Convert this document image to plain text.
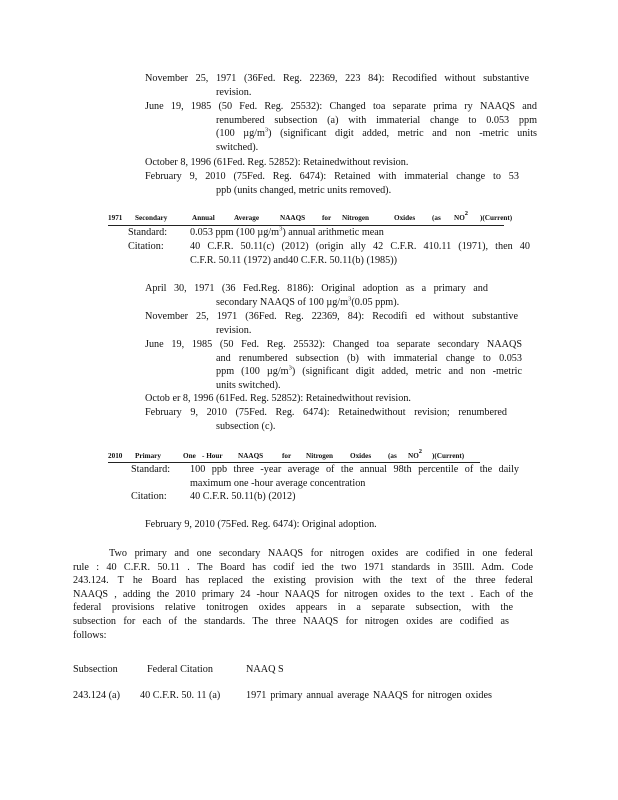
November 25, 1971 (36Fed. Reg. 22369, 223 84): Recodified without substantive
revision.
June 19, 1985 (50 Fed. Reg. 25532): Changed toa separate prima ry NAAQS and
renumbered subsection (a) with immaterial change to 0.053 ppm
(100 $\mu g/m^3$) (significant digit added, metric and non -metric units
switched).
October 8, 1996 (61Fed. Reg. 52852): Retainedwithout revision.
February 9, 2010 (75Fed. Reg. 6474): Retained with immaterial change to 53
ppb (units changed, metric units removed).
1971 Secondary	Annual	Average	NAAQS for Nitrogen	Oxides (as NO
2
)(Current)
Standard: 0.053 ppm (100 $\mu g/m^3$) annual arithmetic mean
Citation:	40 C.F.R. 50.11(c) (2012) (origin ally 42 C.F.R. 410.11 (1971), then 40
C.F.R. 50.11 (1972) and40 C.F.R. 50.11(b) (1985))
April 30, 1971 (36 Fed.Reg. 8186): Original adoption as a primary and
secondary NAAQS of 100 $\mu g/m^3(0.05$ ppm).
November 25, 1971 (36Fed. Reg. 22369, 84): Recodifi ed without substantive
revision.
June 19, 1985 (50 Fed. Reg. 25532): Changed toa separate secondary NAAQS
and renumbered subsection (b) with immaterial change to 0.053
ppm (100 $\mu g/m^3$) (significant digit added, metric and non -metric
units switched).
Octob er 8, 1996 (61Fed. Reg. 52852): Retainedwithout revision.
February 9, 2010 (75Fed. Reg. 6474): Retainedwithout revision; renumbered
subsection (c).
2010 Primary	One - Hour NAAQS	for Nitrogen Oxides (as NO
2
)(Current)
Standard: 100 ppb three -year average of the annual 98th percentile of the daily
maximum one -hour average concentration
Citation: 40 C.F.R. 50.11(b) (2012)
February 9, 2010 (75Fed. Reg. 6474): Original adoption.
Two primary and one secondary NAAQS for nitrogen oxides are codified in one federal
rule : 40 C.F.R. 50.11 . The Board has codif ied the two 1971 standards in 35Ill. Adm. Code
243.124. T he Board has replaced the existing provision with the text of the three federal
NAAQS , adding the 2010 primary 24 -hour NAAQS for nitrogen oxides to the text . Each of the
federal provisions relative tonitrogen oxides appears in a separate subsection, with the
subsection for each of the standards. The three NAAQS for nitrogen oxides are codified as
follows:
Subsection	Federal Citation	NAAQ S
243.124 (a) 40 C.F.R. 50. 11 (a)	1971 primary annual average NAAQS for nitrogen oxides
